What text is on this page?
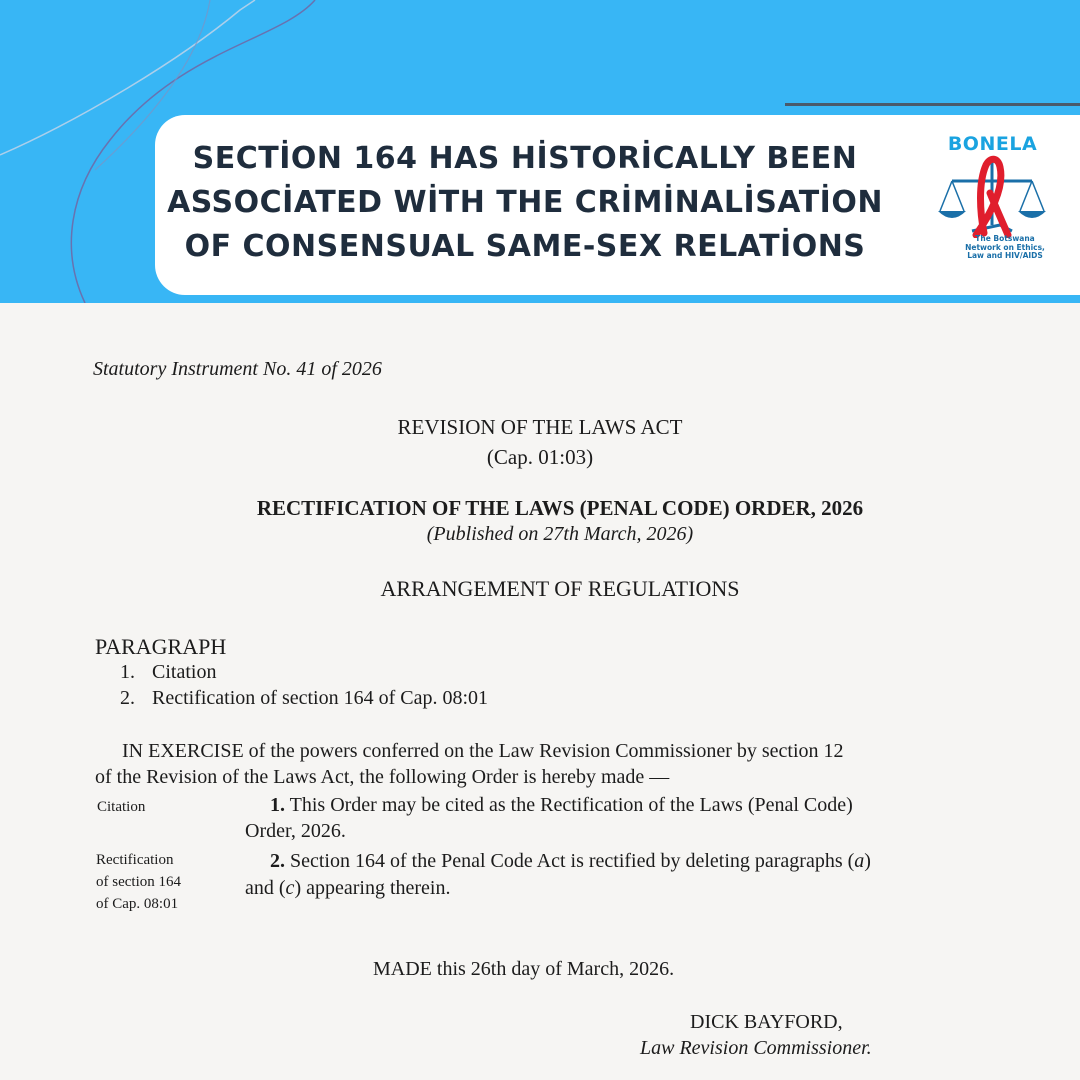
SECTİON 164 HAS HİSTORİCALLY BEEN
ASSOCİATED WİTH THE CRİMİNALİSATİON
OF CONSENSUAL SAME-SEX RELATİONS
BONELA
The Botswana Network on Ethics, Law and HIV/AIDS
Statutory Instrument No. 41 of 2026
REVISION OF THE LAWS ACT
(Cap. 01:03)
RECTIFICATION OF THE LAWS (PENAL CODE) ORDER, 2026
(Published on 27th March, 2026)
ARRANGEMENT OF REGULATIONS
PARAGRAPH
1. Citation
2. Rectification of section 164 of Cap. 08:01
IN EXERCISE of the powers conferred on the Law Revision Commissioner by section 12
of the Revision of the Laws Act, the following Order is hereby made —
Citation
Rectification
of section 164
of Cap. 08:01
1. This Order may be cited as the Rectification of the Laws (Penal Code)
Order, 2026.
2. Section 164 of the Penal Code Act is rectified by deleting paragraphs (a)
and (c) appearing therein.
MADE this 26th day of March, 2026.
DICK BAYFORD,
Law Revision Commissioner.
